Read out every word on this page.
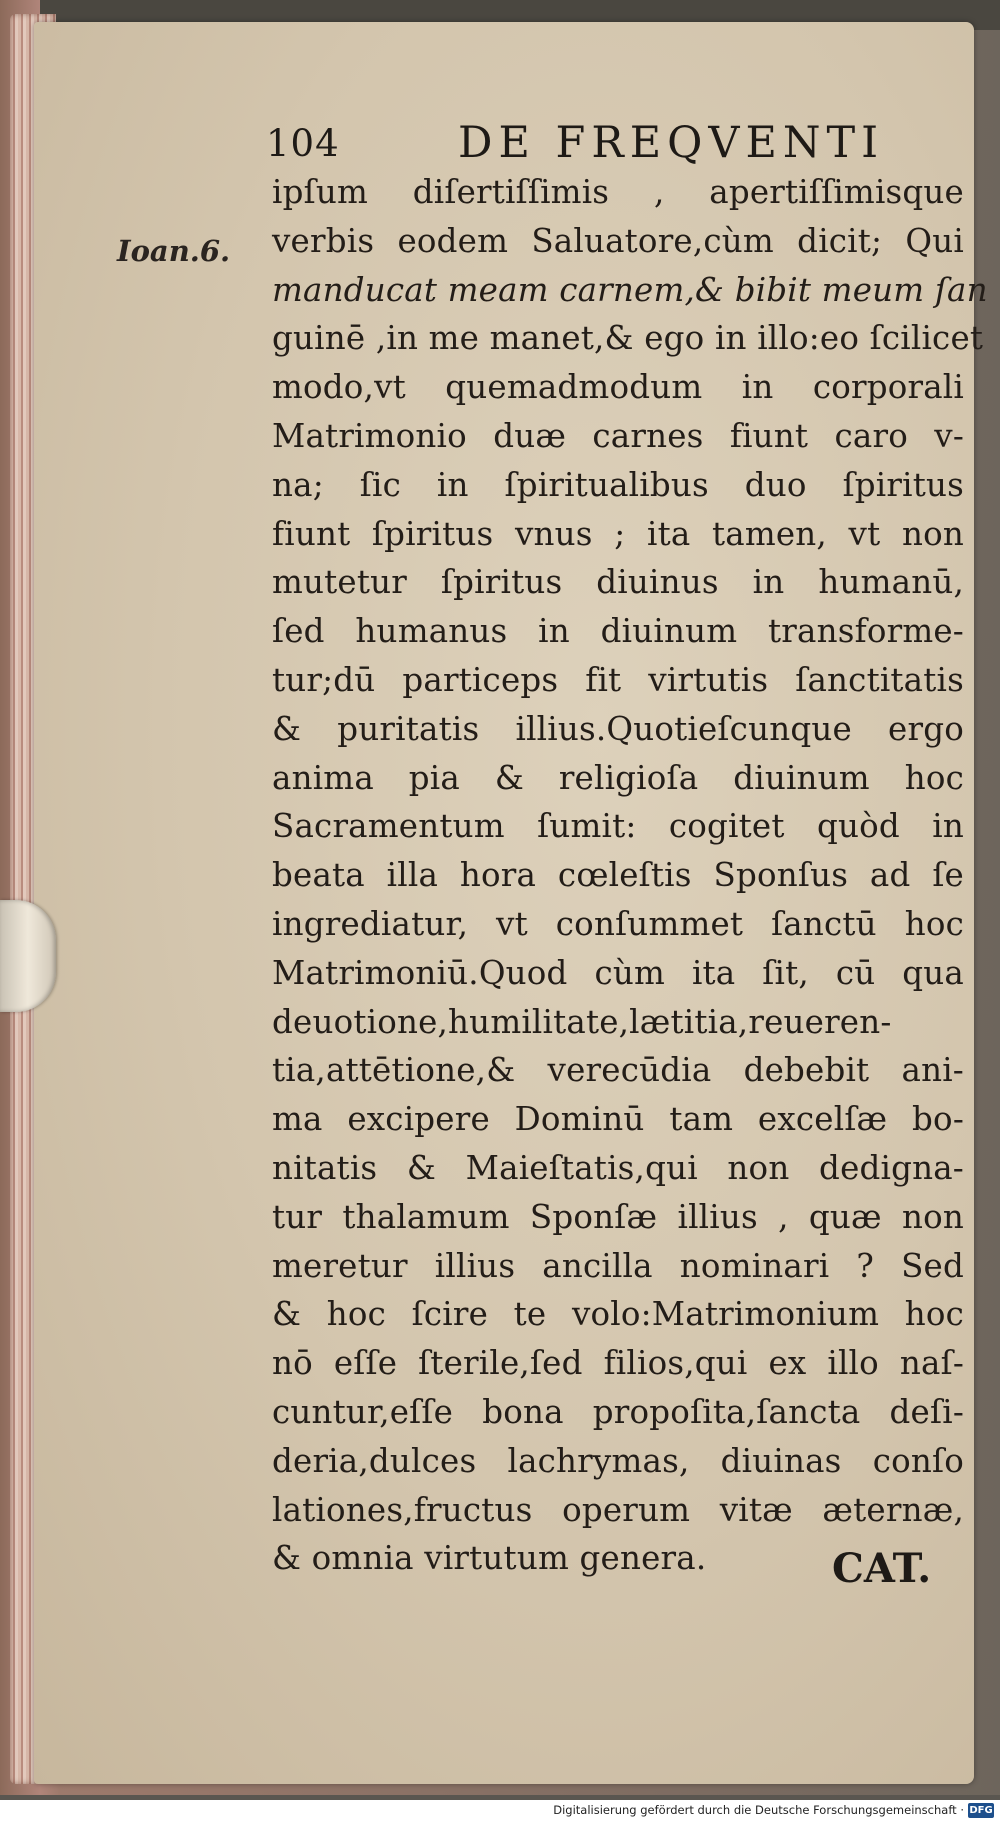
104	DE FREQVENTI
Ioan.6.
ipſum diſertiſſimis , apertiſſimisque
verbis eodem Saluatore,cùm dicit; Qui
manducat meam carnem,& bibit meum ſan
guinē ,in me manet,& ego in illo:eo ſcilicet
modo,vt quemadmodum in corporali
Matrimonio duæ carnes fiunt caro v-
na; ſic in ſpiritualibus duo ſpiritus
fiunt ſpiritus vnus ; ita tamen, vt non
mutetur ſpiritus diuinus in humanū,
ſed humanus in diuinum transforme-
tur;dū particeps fit virtutis ſanctitatis
& puritatis illius.Quotieſcunque ergo
anima pia & religioſa diuinum hoc
Sacramentum ſumit: cogitet quòd in
beata illa hora cœleſtis Sponſus ad ſe
ingrediatur, vt conſummet ſanctū hoc
Matrimoniū.Quod cùm ita ſit, cū qua
deuotione,humilitate,lætitia,reueren-
tia,attētione,& verecūdia debebit ani-
ma excipere Dominū tam excelſæ bo-
nitatis & Maieſtatis,qui non dedigna-
tur thalamum Sponſæ illius , quæ non
meretur illius ancilla nominari ? Sed
& hoc ſcire te volo:Matrimonium hoc
nō eſſe ſterile,ſed filios,qui ex illo naſ-
cuntur,eſſe bona propoſita,ſancta deſi-
deria,dulces lachrymas, diuinas conſo
lationes,fructus operum vitæ æternæ,
& omnia virtutum genera.	CAT.
Digitalisierung gefördert durch die Deutsche Forschungsgemeinschaft · DFG
